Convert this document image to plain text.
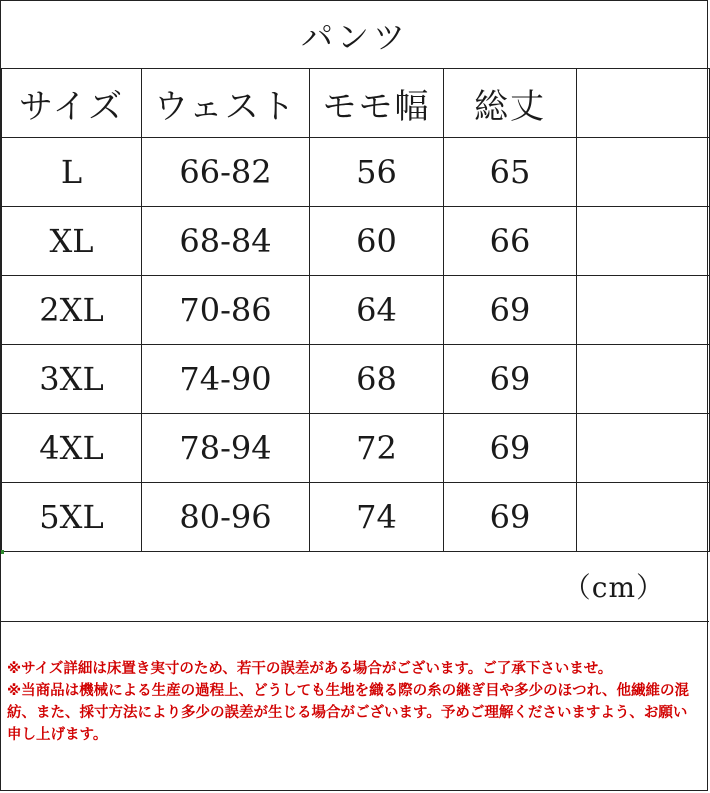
パンツ
サイズ	ウェスト	モモ幅	総丈	
L	66-82	56	65	
XL	68-84	60	66	
2XL	70-86	64	69	
3XL	74-90	68	69	
4XL	78-94	72	69	
5XL	80-96	74	69	
（cm）

※サイズ詳細は床置き実寸のため、若干の誤差がある場合がございます。ご了承下さいませ。

※当商品は機械による生産の過程上、どうしても生地を織る際の糸の継ぎ目や多少のほつれ、他繊維の混紡、また、採寸方法により多少の誤差が生じる場合がございます。予めご理解くださいますよう、お願い申し上げます。
